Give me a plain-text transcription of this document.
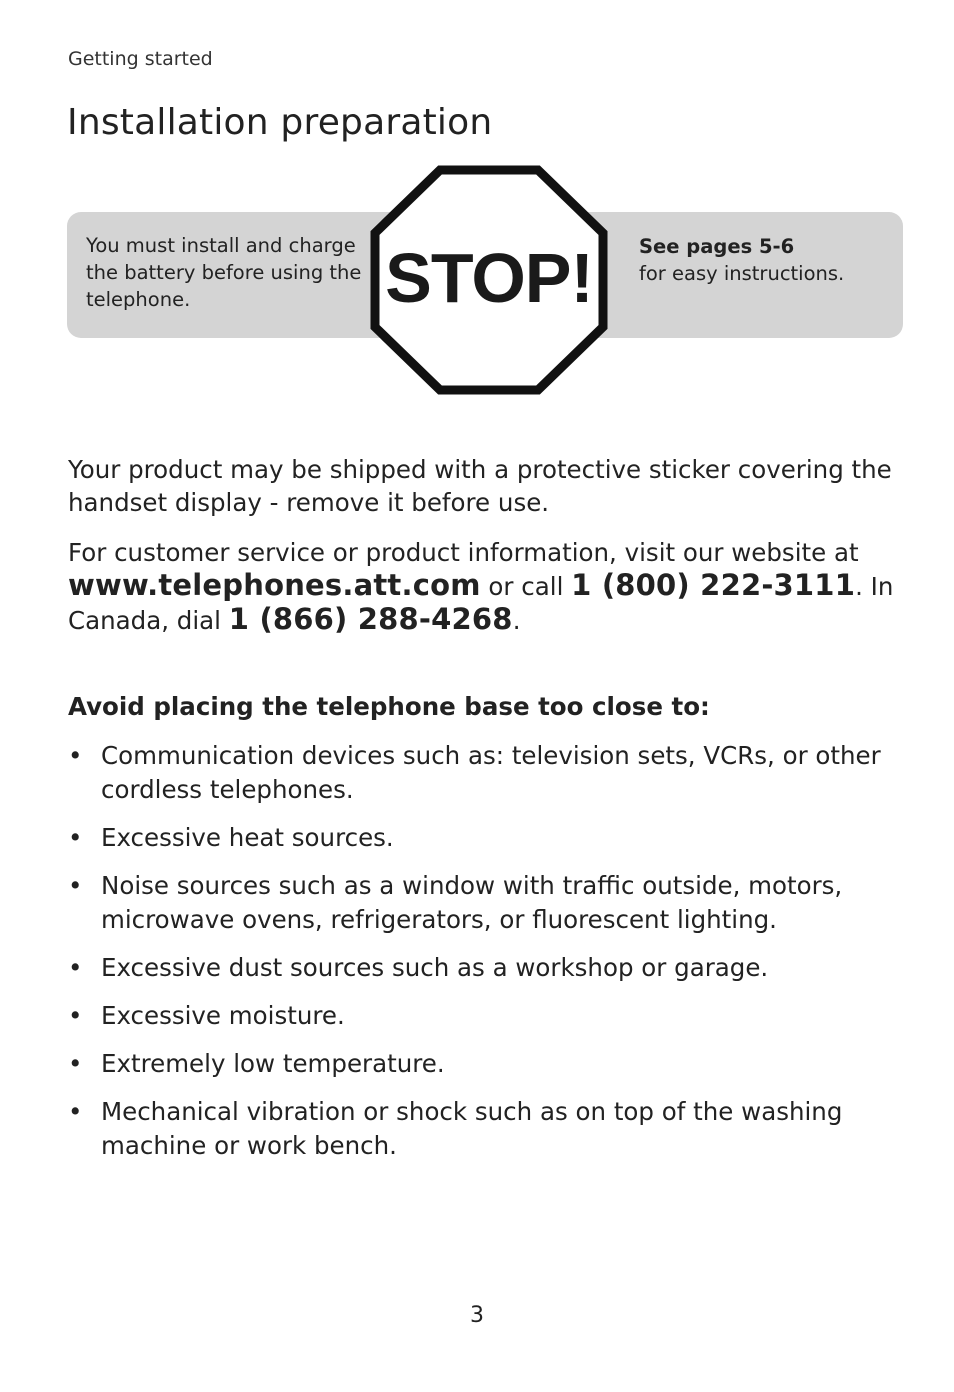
Getting started
Installation preparation
You must install and charge the battery before using the telephone.
See pages 5-6
for easy instructions.
STOP!

Your product may be shipped with a protective sticker covering the handset display - remove it before use.

For customer service or product information, visit our website at www.telephones.att.com or call 1 (800) 222-3111. In Canada, dial 1 (866) 288-4268.

Avoid placing the telephone base too close to:
• Communication devices such as: television sets, VCRs, or other cordless telephones.
• Excessive heat sources.
• Noise sources such as a window with traffic outside, motors, microwave ovens, refrigerators, or fluorescent lighting.
• Excessive dust sources such as a workshop or garage.
• Excessive moisture.
• Extremely low temperature.
• Mechanical vibration or shock such as on top of the washing machine or work bench.
3
